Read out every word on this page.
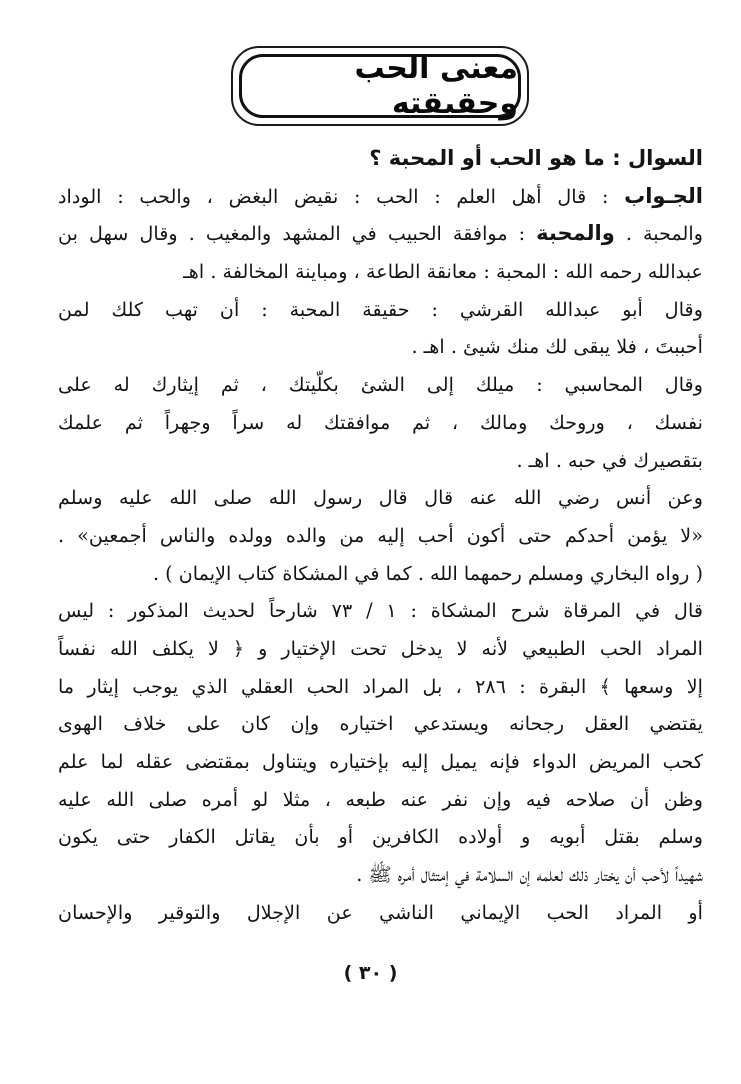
معنى الحب وحقيقته
السوال : ما هو الحب أو المحبة ؟
الجـواب : قال أهل العلم : الحب : نقيض البغض ، والحب : الوداد
والمحبة . والمحبة : موافقة الحبيب في المشهد والمغيب . وقال سهل بن
عبدالله رحمه الله : المحبة : معانقة الطاعة ، ومباينة المخالفة . اهـ
وقال أبو عبدالله القرشي : حقيقة المحبة : أن تهب كلك لمن
أحببتَ ، فلا يبقى لك منك شيئ . اهـ .
وقال المحاسبي : ميلك إلى الشئ بكلّيتك ، ثم إيثارك له على
نفسك ، وروحك ومالك ، ثم موافقتك له سراً وجهراً ثم علمك
بتقصيرك في حبه . اهـ .
وعن أنس رضي الله عنه قال قال رسول الله صلى الله عليه وسلم
«لا يؤمن أحدكم حتى أكون أحب إليه من والده وولده والناس أجمعين» .
( رواه البخاري ومسلم رحمهما الله . كما في المشكاة كتاب الإيمان ) .
قال في المرقاة شرح المشكاة : ١ / ٧٣ شارحاً لحديث المذكور : ليس
المراد الحب الطبيعي لأنه لا يدخل تحت الإختيار و ﴿ لا يكلف الله نفساً
إلا وسعها ﴾ البقرة : ٢٨٦ ، بل المراد الحب العقلي الذي يوجب إيثار ما
يقتضي العقل رجحانه ويستدعي اختياره وإن كان على خلاف الهوى
كحب المريض الدواء فإنه يميل إليه بإختياره ويتناول بمقتضى عقله لما علم
وظن أن صلاحه فيه وإن نفر عنه طبعه ، مثلا لو أمره صلى الله عليه
وسلم بقتل أبويه و أولاده الكافرين أو بأن يقاتل الكفار حتى يكون
شهيداً لأحب أن يختار ذلك لعلمه إن السلامة في إمتثال أمره ﷺ .
أو المراد الحب الإيماني الناشي عن الإجلال والتوقير والإحسان
( ٣٠ )
